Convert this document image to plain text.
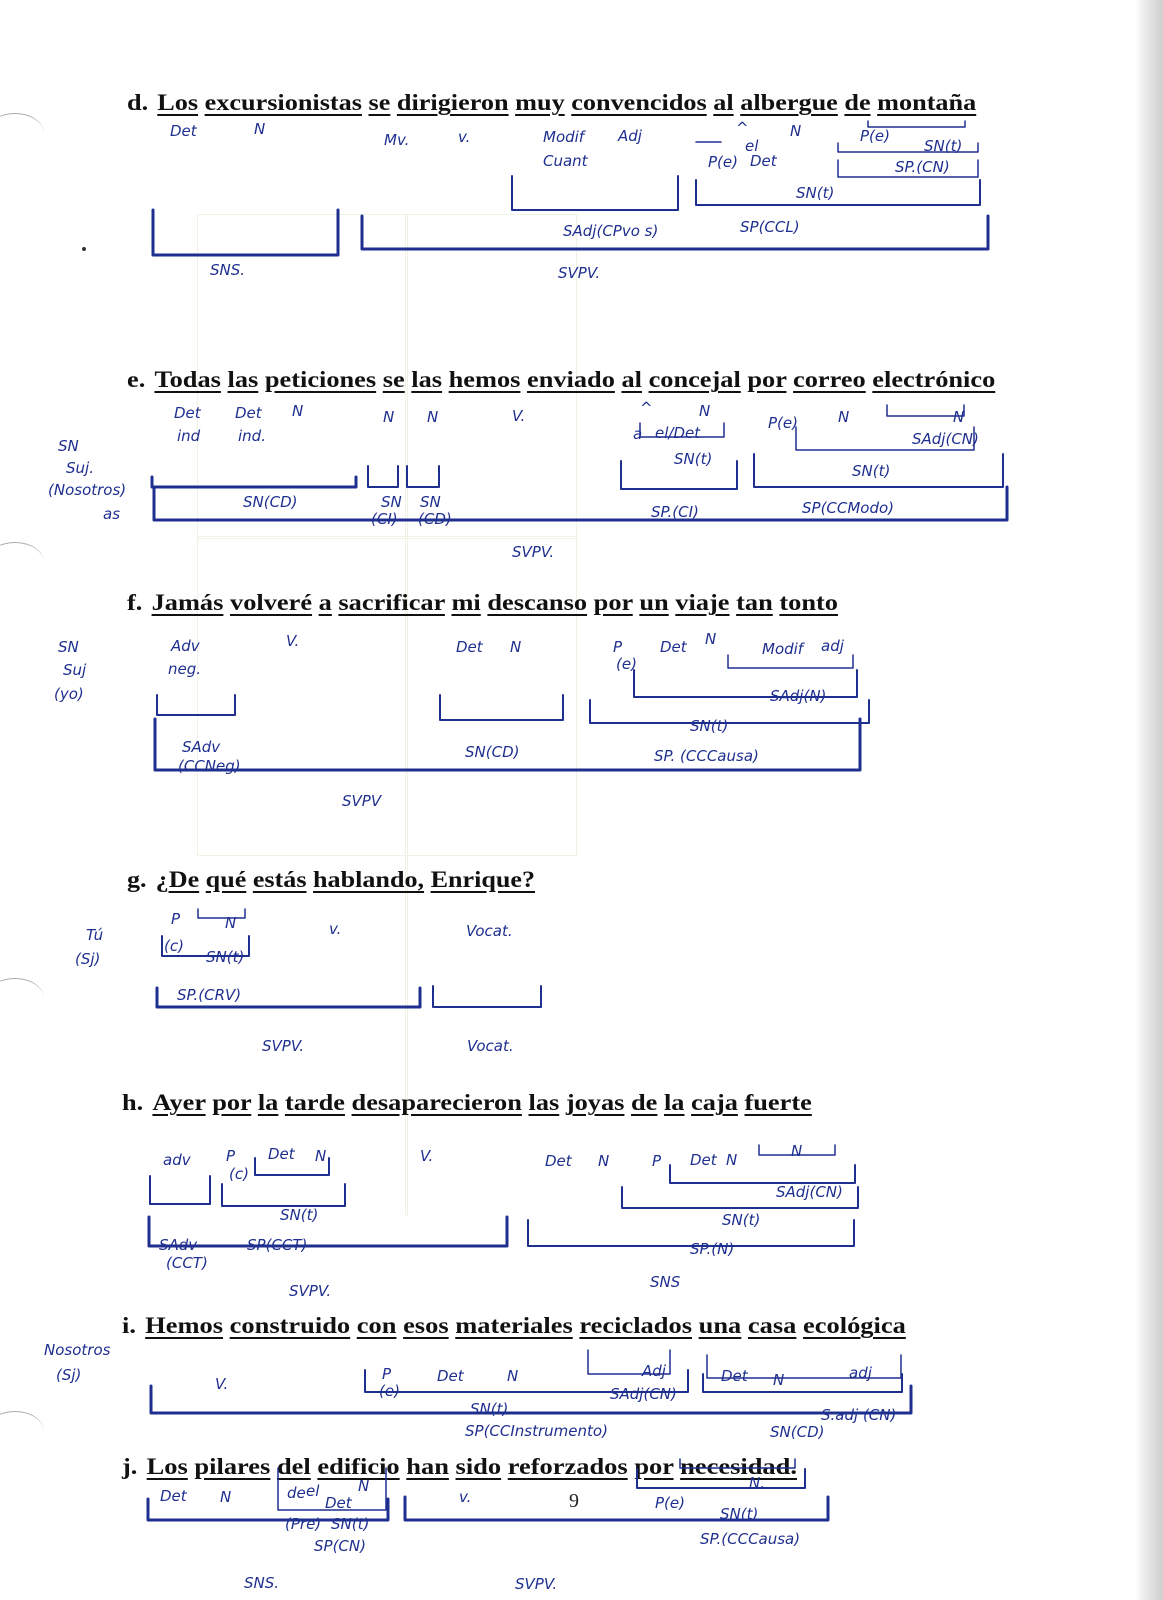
d. Los excursionistas se dirigieron muy convencidos al albergue de montaña

e. Todas las peticiones se las hemos enviado al concejal por correo electrónico

f. Jamás volveré a sacrificar mi descanso por un viaje tan tonto

g. ¿De qué estás hablando, Enrique?

h. Ayer por la tarde desaparecieron las joyas de la caja fuerte

i. Hemos construido con esos materiales reciclados una casa ecológica

j. Los pilares del edificio han sido reforzados por necesidad.

Det	N

Mv.	v.	Modif

Cuant

Adj	^	N

P(e)

el

Det

P(e)

SN(t)

SP.(CN)

SN(t)

SAdj(CPvo s)	SP(CCL)

SNS.	SVPV.

Det

ind

Det

ind.

N	N N	V.	^	N

a el/Det

P(e)	N	N

SAdj(CN)

SN(t)

SN(t)

SN

Suj.

(Nosotros)

as

SN(CD)	SN

(CI)

SN

(CD)	SP.(CI)	SP(CCModo)

SVPV.

Adv

neg.

V.

SN

Suj

(yo)

Det N	P

(e)

Det N

Modif adj

SAdj(N)

SN(t)

SAdv

(CCNeg)

SN(CD)	SP. (CCCausa)

SVPV

P

(c)

N

SN(t)

v.	Vocat.

Tú

(Sj)

SP.(CRV)

SVPV.	Vocat.

adv P

(c)

Det N	V.	Det N	P Det N	N

SAdj(CN)

SN(t)	SN(t)

SAdv

(CCT)

SP(CCT)	SP.(N)

SNS

SVPV.

Nosotros

(Sj)	V.

P

(e)

Det	N	Adj

SAdj(CN)

Det N	adj

SN(t)	S.adj (CN)

SP(CCInstrumento)	SN(CD)

Det N	de el

Det

N

v.

N.

P(e)

SN(t)

(Pre) SN(t)

SP(CN)	SP.(CCCausa)

SNS.	SVPV.

9
